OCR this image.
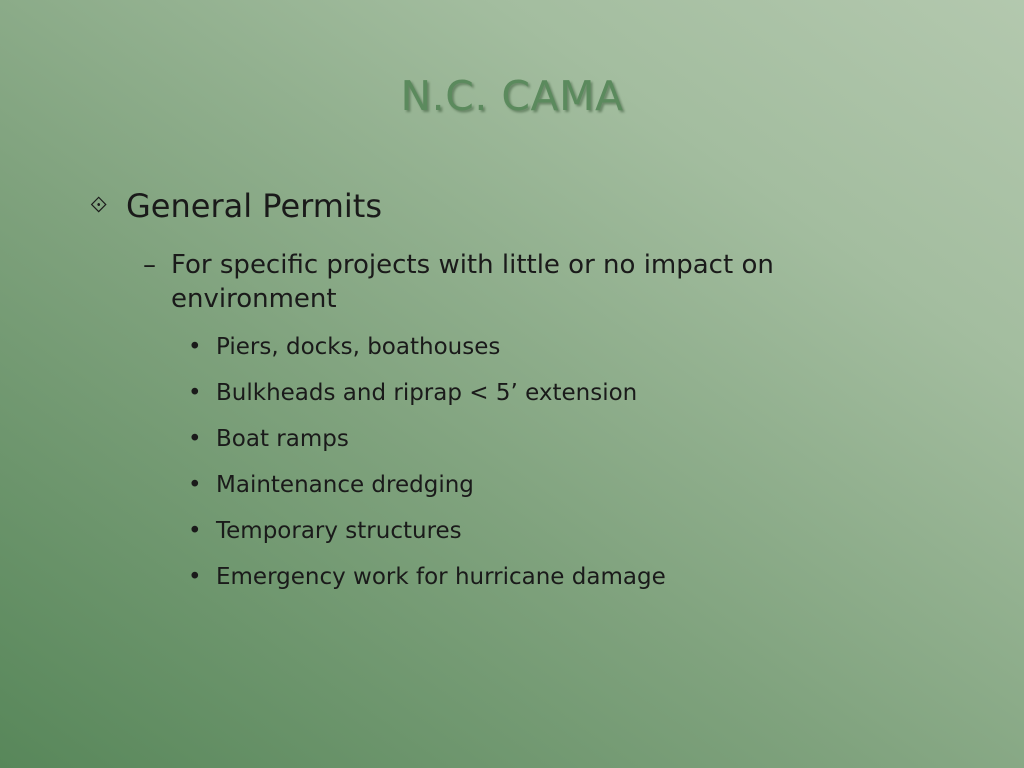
N.C. CAMA
⟐ General Permits
– For specific projects with little or no impact on environment
• Piers, docks, boathouses
• Bulkheads and riprap < 5’ extension
• Boat ramps
• Maintenance dredging
• Temporary structures
• Emergency work for hurricane damage
